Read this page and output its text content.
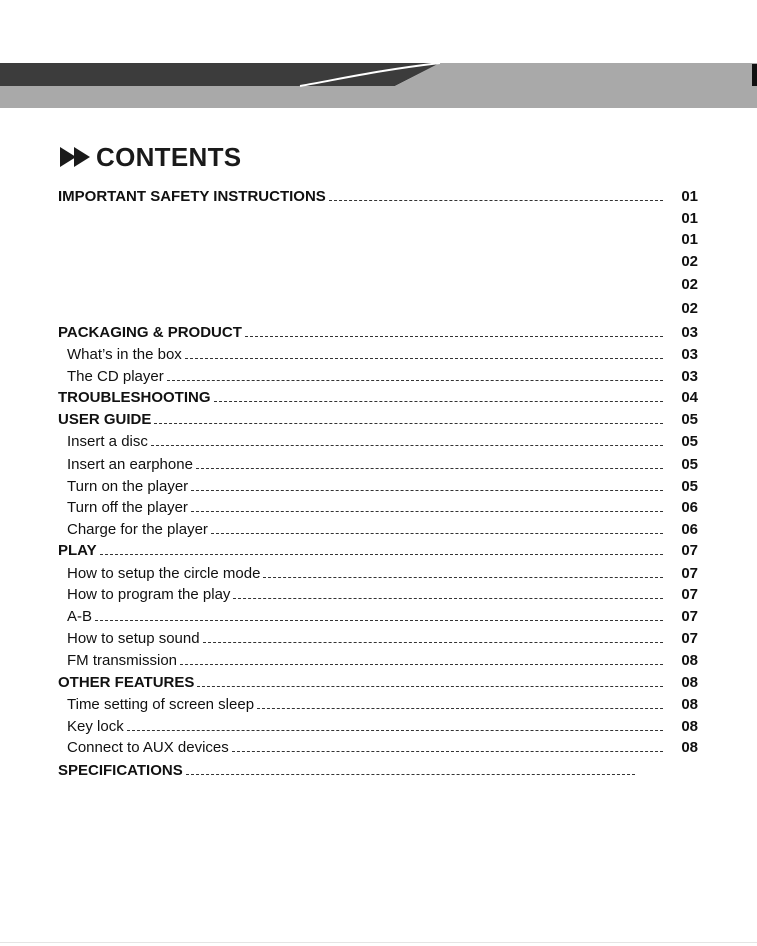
CONTENTS
IMPORTANT SAFETY INSTRUCTIONS	01
01
01
02
02
02
PACKAGING & PRODUCT	03
What’s in the box	03
The CD player	03
TROUBLESHOOTING	04
USER GUIDE	05
Insert a disc	05
Insert an earphone	05
Turn on the player	05
Turn off the player	06
Charge for the player	06
PLAY	07
How to setup the circle mode	07
How to program the play	07
A-B	07
How to setup sound	07
FM transmission	08
OTHER FEATURES	08
Time setting of screen sleep	08
Key lock	08
Connect to AUX devices	08
SPECIFICATIONS
